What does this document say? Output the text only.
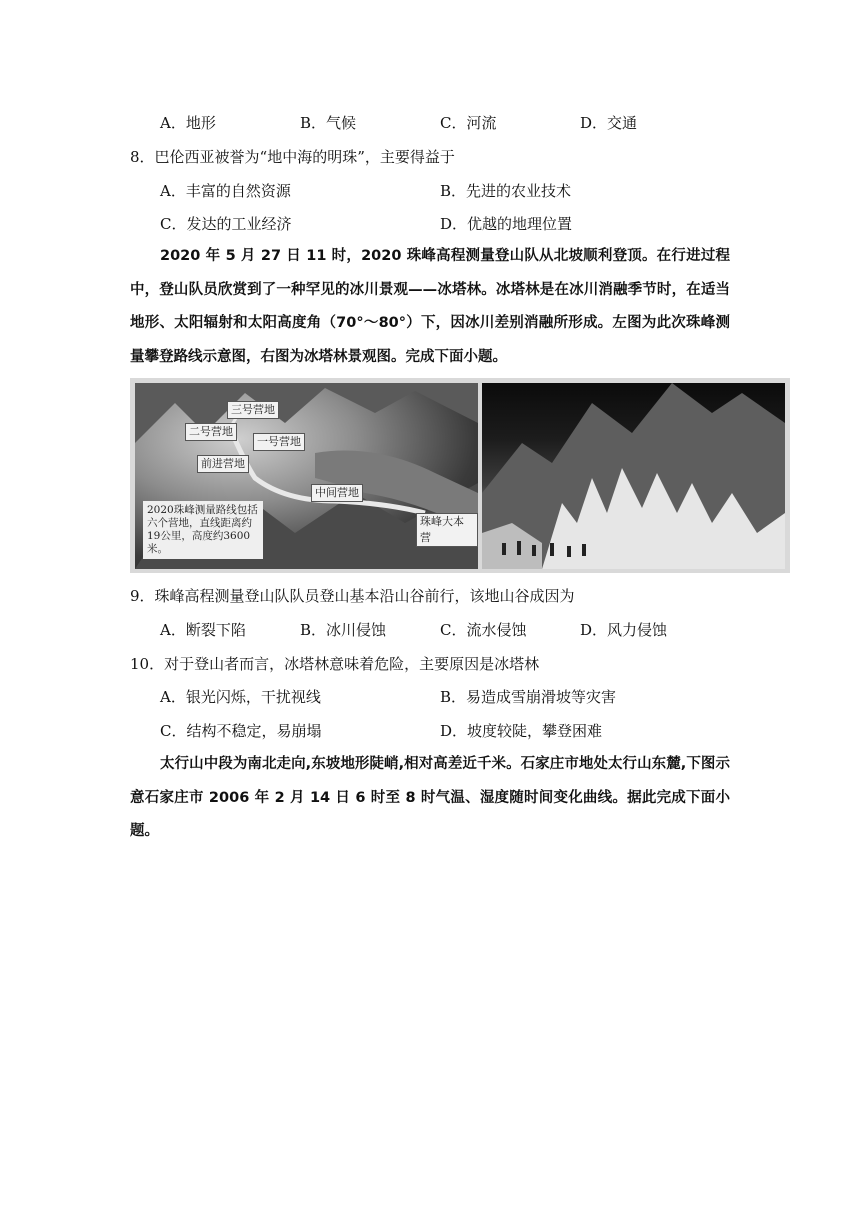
A．地形	B．气候	C．河流	D．交通
8．巴伦西亚被誉为“地中海的明珠”，主要得益于
A．丰富的自然资源	B．先进的农业技术
C．发达的工业经济	D．优越的地理位置
2020 年 5 月 27 日 11 时，2020 珠峰高程测量登山队从北坡顺利登顶。在行进过程中，登山队员欣赏到了一种罕见的冰川景观——冰塔林。冰塔林是在冰川消融季节时，在适当地形、太阳辐射和太阳高度角（70°～80°）下，因冰川差别消融所形成。左图为此次珠峰测量攀登路线示意图，右图为冰塔林景观图。完成下面小题。
三号营地
二号营地
一号营地
前进营地
中间营地
珠峰大本营
2020珠峰测量路线包括六个营地，直线距离约19公里，高度约3600米。
9．珠峰高程测量登山队队员登山基本沿山谷前行，该地山谷成因为
A．断裂下陷	B．冰川侵蚀	C．流水侵蚀	D．风力侵蚀
10．对于登山者而言，冰塔林意味着危险，主要原因是冰塔林
A．银光闪烁，干扰视线	B．易造成雪崩滑坡等灾害
C．结构不稳定，易崩塌	D．坡度较陡，攀登困难
太行山中段为南北走向,东坡地形陡峭,相对高差近千米。石家庄市地处太行山东麓,下图示意石家庄市 2006 年 2 月 14 日 6 时至 8 时气温、湿度随时间变化曲线。据此完成下面小题。
